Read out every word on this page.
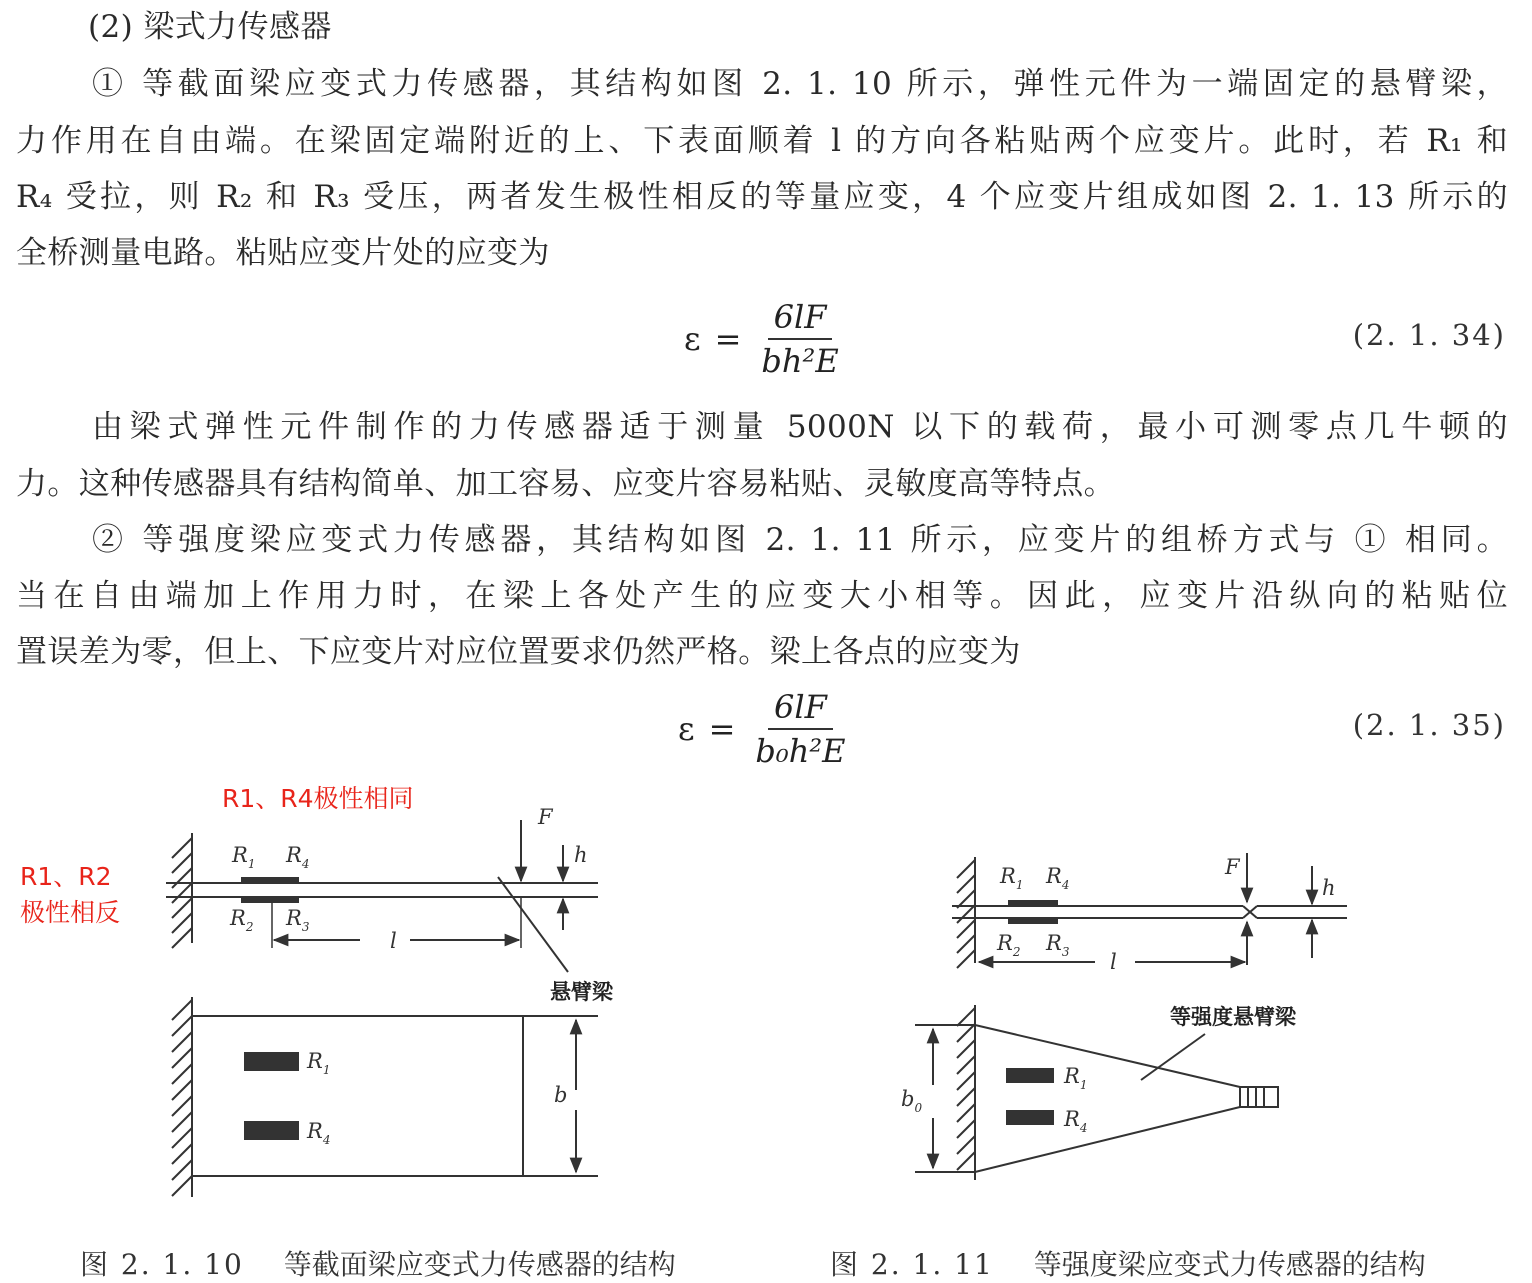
(2) 梁式力传感器
① 等截面梁应变式力传感器，其结构如图 2. 1. 10 所示，弹性元件为一端固定的悬臂梁，
力作用在自由端。在梁固定端附近的上、下表面顺着 l 的方向各粘贴两个应变片。此时，若 R₁ 和
R₄ 受拉，则 R₂ 和 R₃ 受压，两者发生极性相反的等量应变，4 个应变片组成如图 2. 1. 13 所示的
全桥测量电路。粘贴应变片处的应变为
$\varepsilon = \frac{6lF}{\text{bh²E}}$	(2. 1. 34)
由梁式弹性元件制作的力传感器适于测量 5000N 以下的载荷，最小可测零点几牛顿的
力。这种传感器具有结构简单、加工容易、应变片容易粘贴、灵敏度高等特点。
② 等强度梁应变式力传感器，其结构如图 2. 1. 11 所示，应变片的组桥方式与 ① 相同。
当在自由端加上作用力时，在梁上各处产生的应变大小相等。因此，应变片沿纵向的粘贴位
置误差为零，但上、下应变片对应位置要求仍然严格。梁上各点的应变为
$\varepsilon = \frac{6lF}{\text{b₀h²E}}$	(2. 1. 35)
R1、R4极性相同
R1、R2
极性相反
$R_1$ $R_4$
$R_2$ $R_3$
F
h
l
悬臂梁
$R_1$
$R_4$
b
$R_1$ $R_4$
$R_2$ $R_3$
F
h
l
等强度悬臂梁
$R_1$
$R_4$
$b_0$
图 2. 1. 10 等截面梁应变式力传感器的结构	图 2. 1. 11 等强度梁应变式力传感器的结构
